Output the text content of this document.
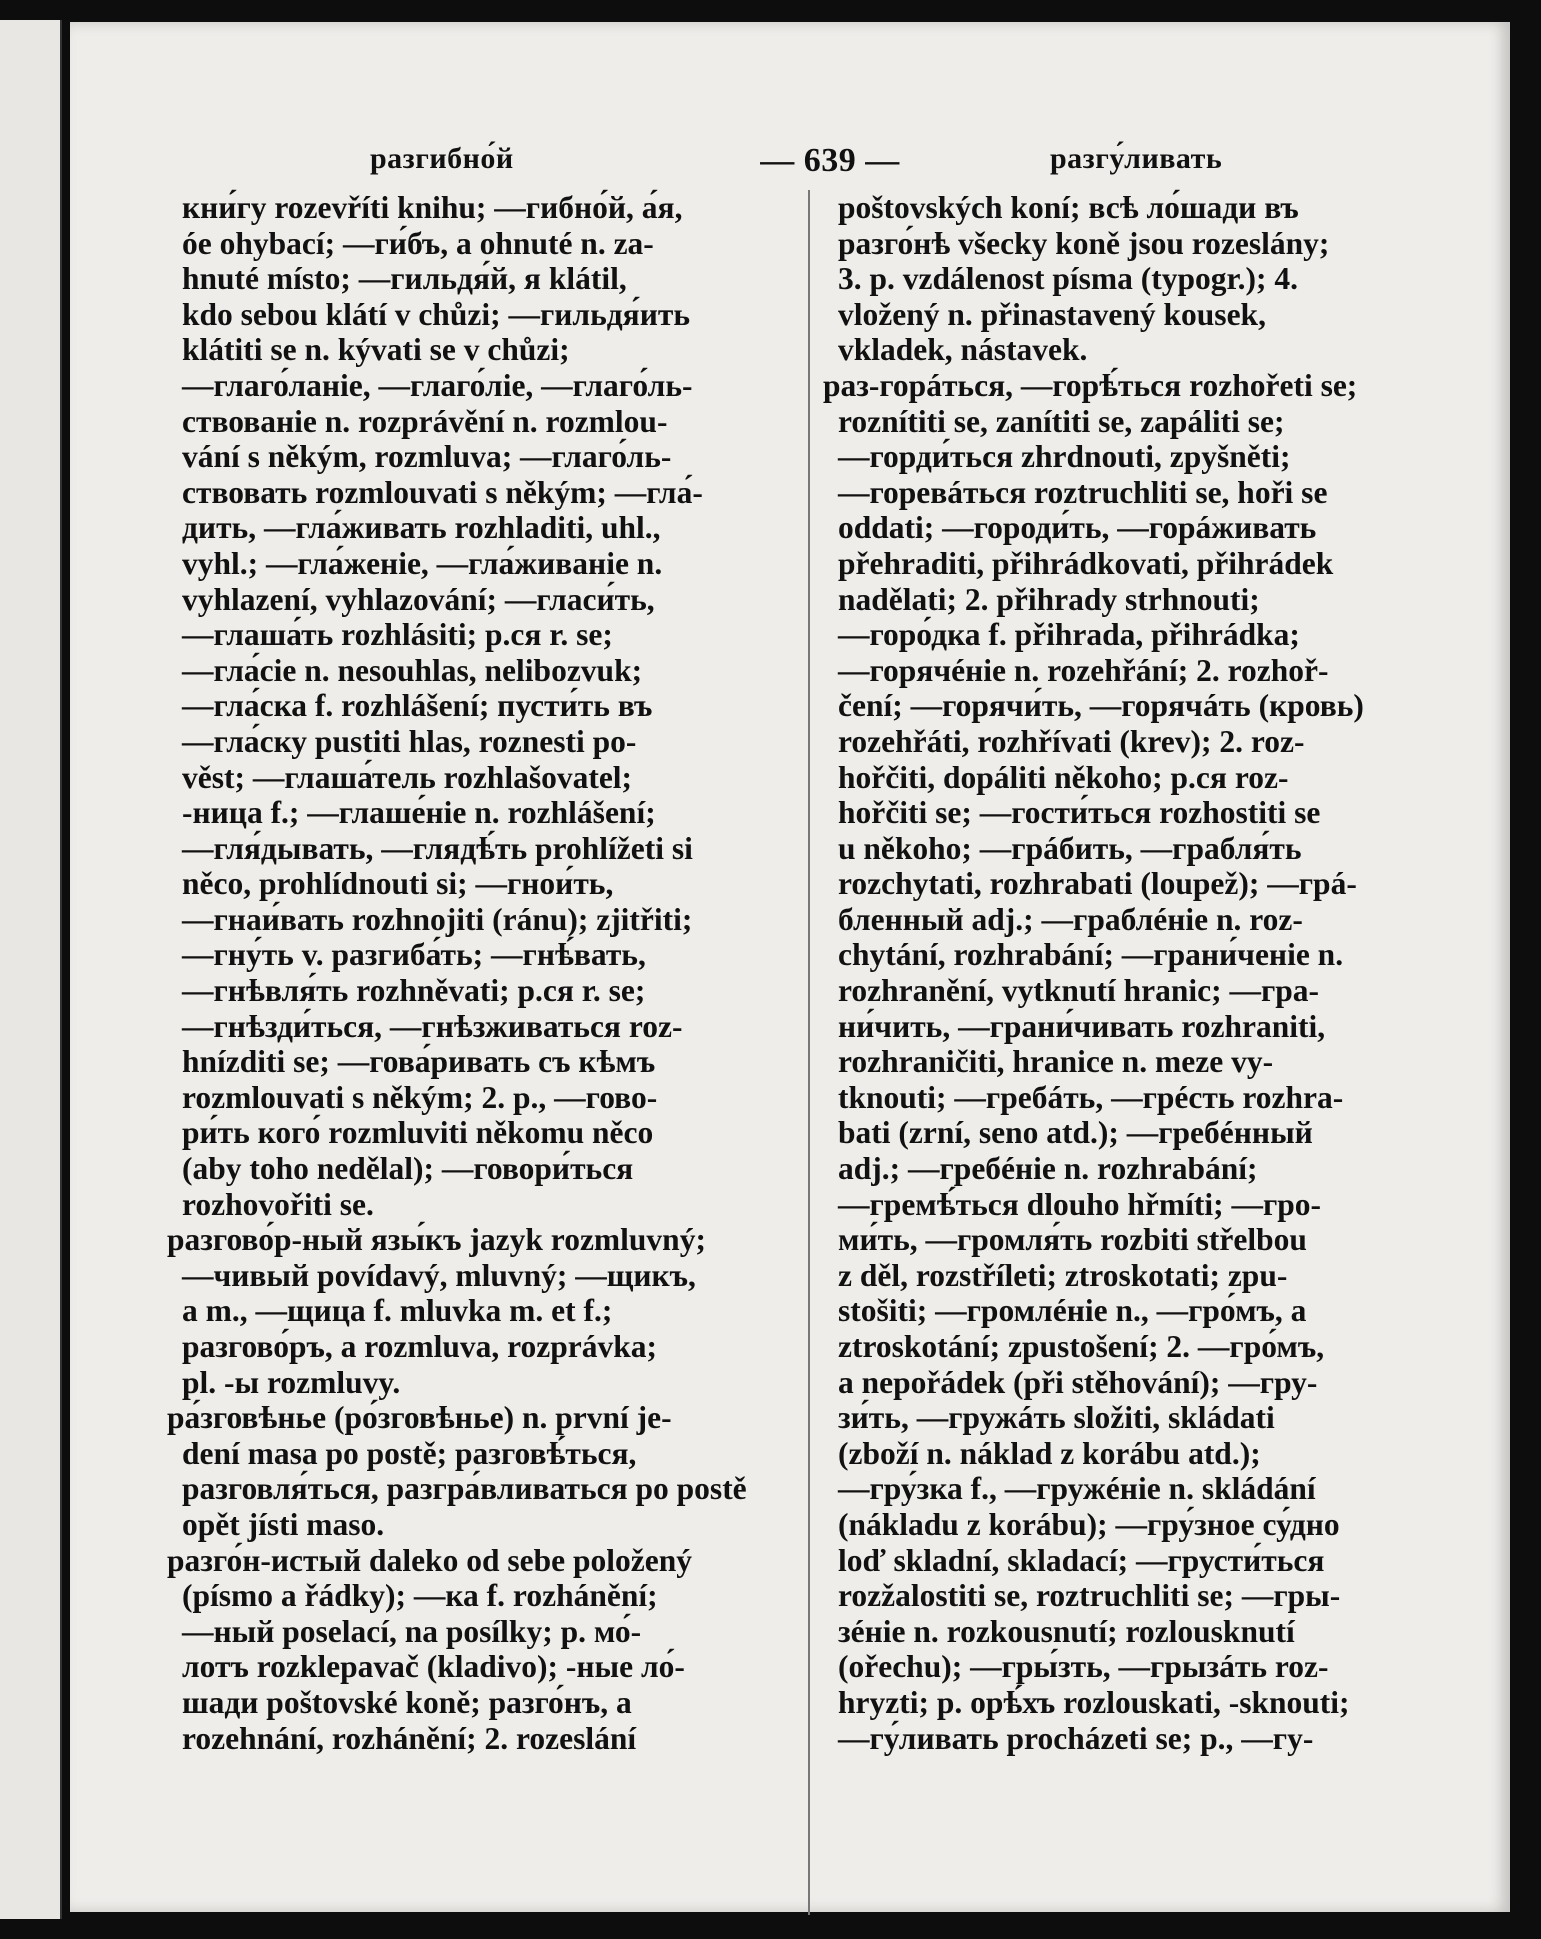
разгибно́й	— 639 —	разгу́ливать
кни́гу rozevříti knihu; —гибно́й, а́я,
óe ohybací; —ги́бъ, a ohnuté n. za-
hnuté místo; —гильдя́й, я klátil,
kdo sebou klátí v chůzi; —гильдя́ить
klátiti se n. kývati se v chůzi;
—глаго́ланіе, —глаго́ліе, —глаго́ль-
ствованіе n. rozprávění n. rozmlou-
vání s někým, rozmluva; —глаго́ль-
ствовать rozmlouvati s někým; —гла́-
дить, —гла́живать rozhladiti, uhl.,
vyhl.; —гла́женіе, —гла́живаніе n.
vyhlazení, vyhlazování; —гласи́ть,
—глаша́ть rozhlásiti; p.ся r. se;
—гла́сіе n. nesouhlas, nelibozvuk;
—гла́ска f. rozhlášení; пусти́ть въ
—гла́ску pustiti hlas, roznesti po-
věst; —глаша́тель rozhlašovatel;
-ница f.; —глаше́ніе n. rozhlášení;
—гля́дывать, —глядѣ́ть prohlížeti si
něco, prohlídnouti si; —гнои́ть,
—гнаи́вать rozhnojiti (ránu); zjitřiti;
—гну́ть v. разгиба́ть; —гнѣ́вать,
—гнѣвля́ть rozhněvati; p.ся r. se;
—гнѣзди́ться, —гнѣзживаться roz-
hnízditi se; —гова́ривать съ кѣмъ
rozmlouvati s někým; 2. p., —гово-
ри́ть кого́ rozmluviti někomu něco
(aby toho nedělal); —говори́ться
rozhovořiti se.
разгово́р-ный язы́къ jazyk rozmluvný;
—чивый povídavý, mluvný; —щикъ,
a m., —щица f. mluvka m. et f.;
разгово́ръ, a rozmluva, rozprávka;
pl. -ы rozmluvy.
ра́зговѣнье (ро́зговѣнье) n. první je-
dení masa po postě; разговѣ́ться,
разговля́ться, разгра́вливаться po postě
opět jísti maso.
разго́н-истый daleko od sebe položený
(písmo a řádky); —ка f. rozhánění;
—ный poselací, na posílky; p. мо́-
лотъ rozklepavač (kladivo); -ные ло́-
шади poštovské koně; разго́нъ, a
rozehnání, rozhánění; 2. rozeslání
poštovských koní; всѣ ло́шади въ
разго́нѣ všecky koně jsou rozeslány;
3. p. vzdálenost písma (typogr.); 4.
vložený n. přinastavený kousek,
vkladek, nástavek.
раз-горáться, —горѣ́ться rozhořeti se;
roznítiti se, zanítiti se, zapáliti se;
—горди́ться zhrdnouti, zpyšněti;
—горевáться roztruchliti se, hoři se
oddati; —городи́ть, —горáживать
přehraditi, přihrádkovati, přihrádek
nadělati; 2. přihrady strhnouti;
—горо́дка f. přihrada, přihrádka;
—горячéніе n. rozehřání; 2. rozhoř-
čení; —горячи́ть, —горячáть (кровь)
rozehřáti, rozhřívati (krev); 2. roz-
hořčiti, dopáliti někoho; p.ся roz-
hořčiti se; —гости́ться rozhostiti se
u někoho; —грáбить, —грабля́ть
rozchytati, rozhrabati (loupež); —грá-
бленный adj.; —граблéніе n. roz-
chytání, rozhrabání; —грани́ченіе n.
rozhranění, vytknutí hranic; —гра-
ни́чить, —грани́чивать rozhraniti,
rozhraničiti, hranice n. meze vy-
tknouti; —гребáть, —грéсть rozhra-
bati (zrní, seno atd.); —гребéнный
adj.; —гребéніе n. rozhrabání;
—гремѣ́ться dlouho hřmíti; —гро-
ми́ть, —громля́ть rozbiti střelbou
z děl, rozstříleti; ztroskotati; zpu-
stošiti; —громлéніе n., —гро́мъ, a
ztroskotání; zpustošení; 2. —гро́мъ,
a nepořádek (při stěhování); —гру-
зи́ть, —гружáть složiti, skládati
(zboží n. náklad z korábu atd.);
—гру́зка f., —гружéніе n. skládání
(nákladu z korábu); —гру́зное су́дно
loď skladní, skladací; —грусти́ться
rozžalostiti se, roztruchliti se; —гры-
зéніе n. rozkousnutí; rozlousknutí
(ořechu); —гры́зть, —грызáть roz-
hryzti; p. орѣ́хъ rozlouskati, -sknouti;
—гу́ливать procházeti se; p., —гу-
